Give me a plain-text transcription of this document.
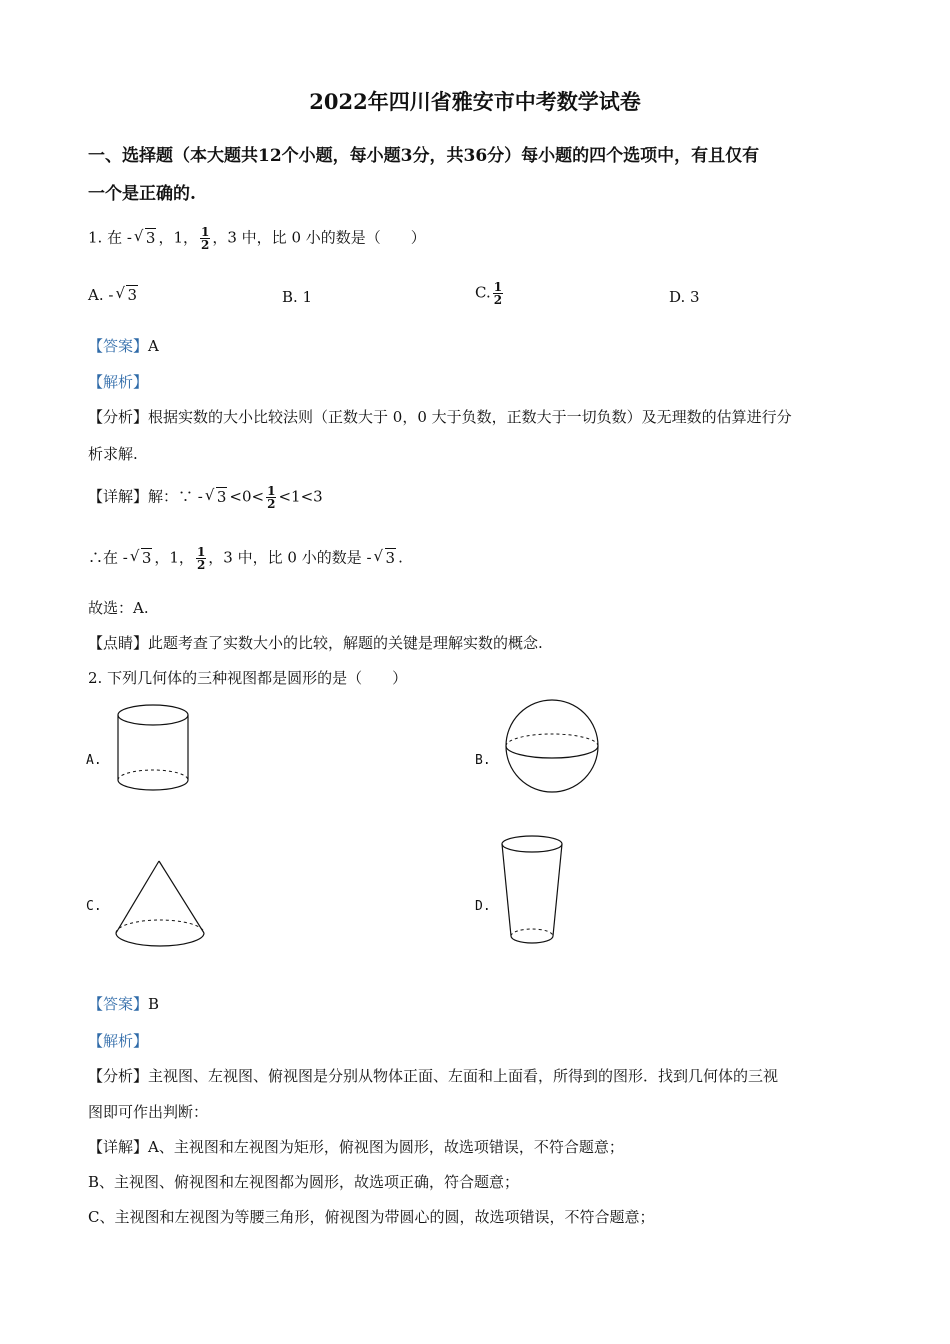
2022年四川省雅安市中考数学试卷
一、选择题（本大题共12个小题，每小题3分，共36分）每小题的四个选项中，有且仅有
一个是正确的.
1. 在 - √ 3 ，1， $\frac{1}{2}$ ，3 中，比 0 小的数是（　　）
A. - √ 3	B. 1	C. $\frac{1}{2}$	D. 3
【答案】A
【解析】
【分析】根据实数的大小比较法则（正数大于 0，0 大于负数，正数大于一切负数）及无理数的估算进行分
析求解.
【详解】解：∵ - √ $3 <0< \frac{1}{2} <1<3$
∴在 - √ 3 ，1， $\frac{1}{2}$ ，3 中，比 0 小的数是 - √ 3 .
故选：A.
【点睛】此题考查了实数大小的比较，解题的关键是理解实数的概念.
2. 下列几何体的三种视图都是圆形的是（　　）
A.	B.
C.	D.
【答案】B
【解析】
【分析】主视图、左视图、俯视图是分别从物体正面、左面和上面看，所得到的图形．找到几何体的三视
图即可作出判断：
【详解】A、主视图和左视图为矩形，俯视图为圆形，故选项错误，不符合题意；
B、主视图、俯视图和左视图都为圆形，故选项正确，符合题意；
C、主视图和左视图为等腰三角形，俯视图为带圆心的圆，故选项错误，不符合题意；
